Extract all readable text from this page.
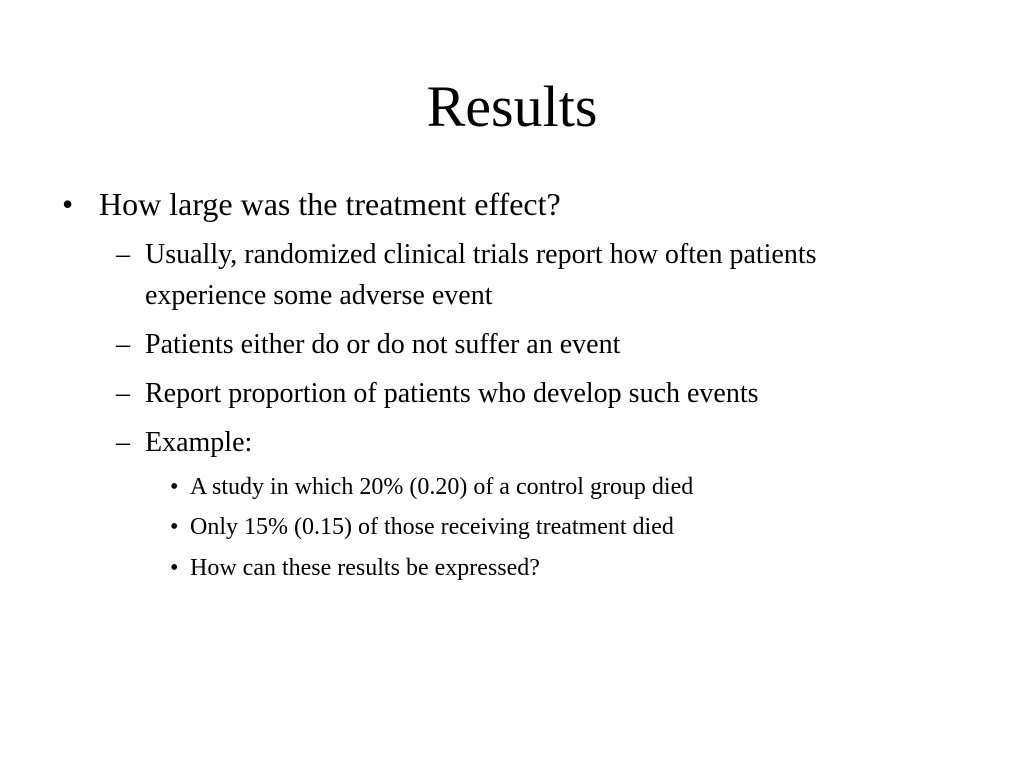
Results
• How large was the treatment effect?
– Usually, randomized clinical trials report how often patients experience some adverse event
– Patients either do or do not suffer an event
– Report proportion of patients who develop such events
– Example:
• A study in which 20% (0.20) of a control group died
• Only 15% (0.15) of those receiving treatment died
• How can these results be expressed?
